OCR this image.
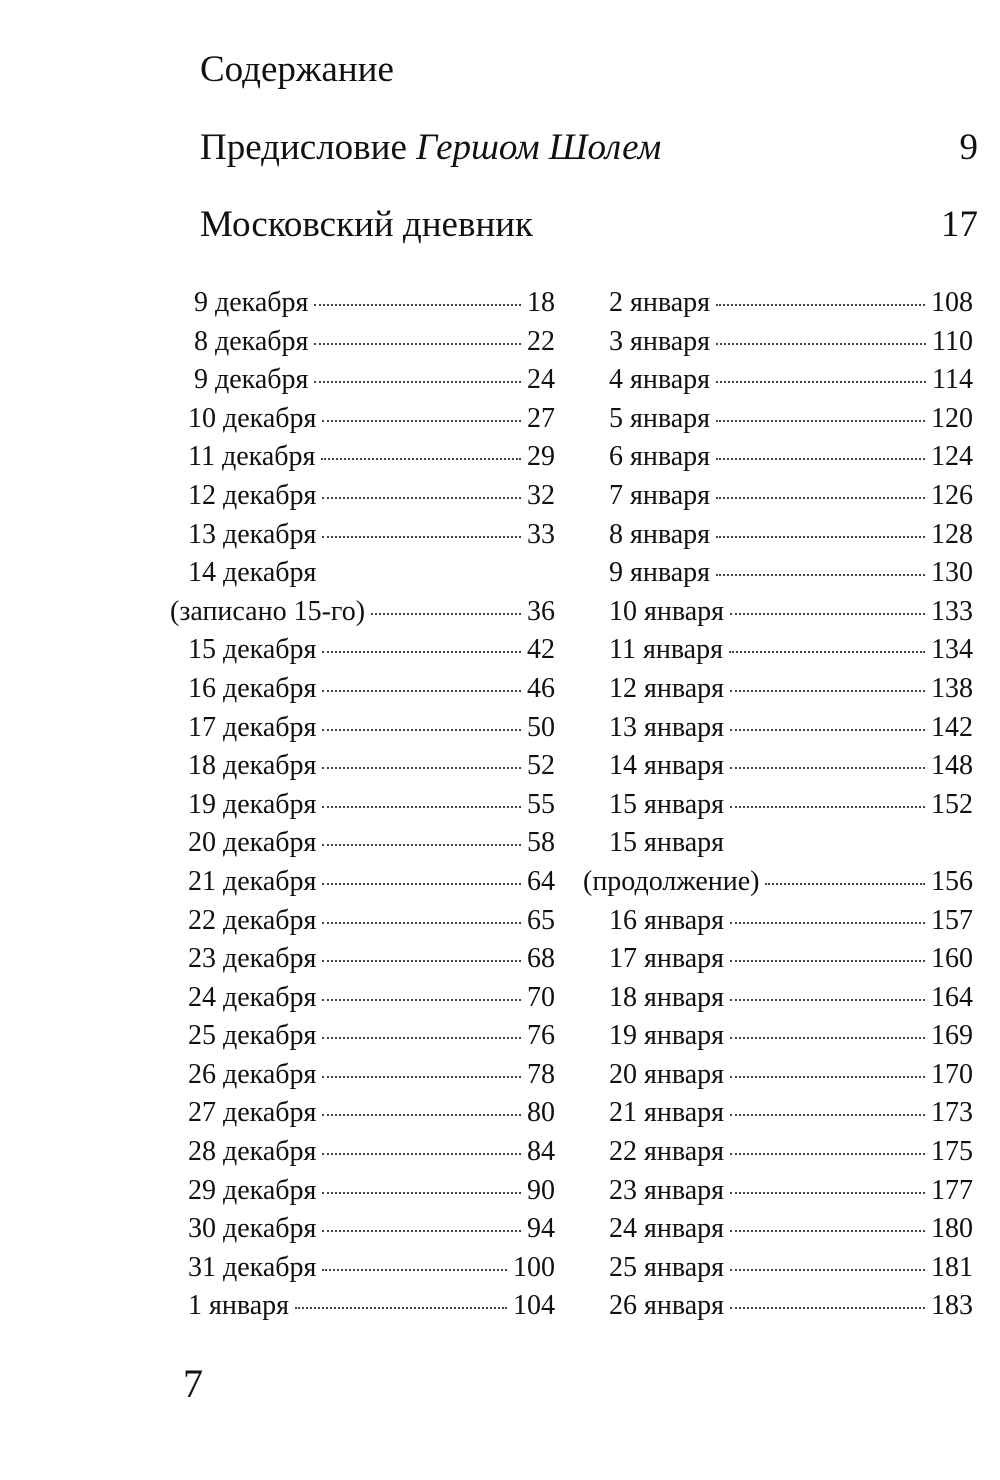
Содержание
Предисловие Гершом Шолем	9
Московский дневник	17
9 декабря	18
8 декабря	22
9 декабря	24
10 декабря	27
11 декабря	29
12 декабря	32
13 декабря	33
14 декабря
(записано 15-го)	36
15 декабря	42
16 декабря	46
17 декабря	50
18 декабря	52
19 декабря	55
20 декабря	58
21 декабря	64
22 декабря	65
23 декабря	68
24 декабря	70
25 декабря	76
26 декабря	78
27 декабря	80
28 декабря	84
29 декабря	90
30 декабря	94
31 декабря	100
1 января	104
2 января	108
3 января	110
4 января	114
5 января	120
6 января	124
7 января	126
8 января	128
9 января	130
10 января	133
11 января	134
12 января	138
13 января	142
14 января	148
15 января	152
15 января
(продолжение)	156
16 января	157
17 января	160
18 января	164
19 января	169
20 января	170
21 января	173
22 января	175
23 января	177
24 января	180
25 января	181
26 января	183
7
